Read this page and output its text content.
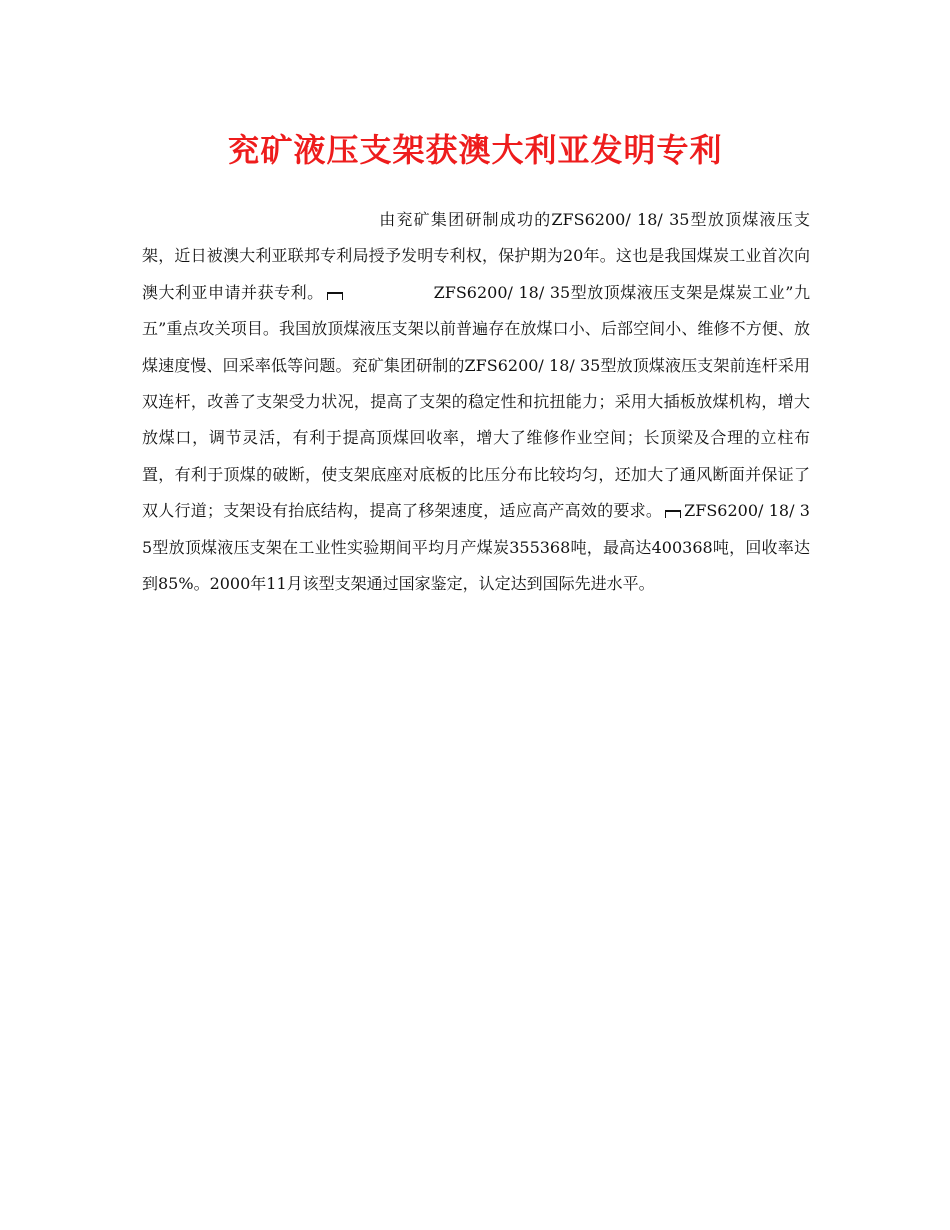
兖矿液压支架获澳大利亚发明专利
由兖矿集团研制成功的ZFS6200/ 18/ 35型放顶煤液压支架，近日被澳大利亚联邦专利局授予发明专利权，保护期为20年。这也是我国煤炭工业首次向澳大利亚申请并获专利。	ZFS6200/ 18/ 35型放顶煤液压支架是煤炭工业”九五”重点攻关项目。我国放顶煤液压支架以前普遍存在放煤口小、后部空间小、维修不方便、放煤速度慢、回采率低等问题。兖矿集团研制的ZFS6200/ 18/ 35型放顶煤液压支架前连杆采用双连杆，改善了支架受力状况，提高了支架的稳定性和抗扭能力；采用大插板放煤机构，增大放煤口，调节灵活，有利于提高顶煤回收率，增大了维修作业空间；长顶梁及合理的立柱布置，有利于顶煤的破断，使支架底座对底板的比压分布比较均匀，还加大了通风断面并保证了双人行道；支架设有抬底结构，提高了移架速度，适应高产高效的要求。 ZFS6200/ 18/ 35型放顶煤液压支架在工业性实验期间平均月产煤炭355368吨，最高达400368吨，回收率达到85%。2000年11月该型支架通过国家鉴定，认定达到国际先进水平。
